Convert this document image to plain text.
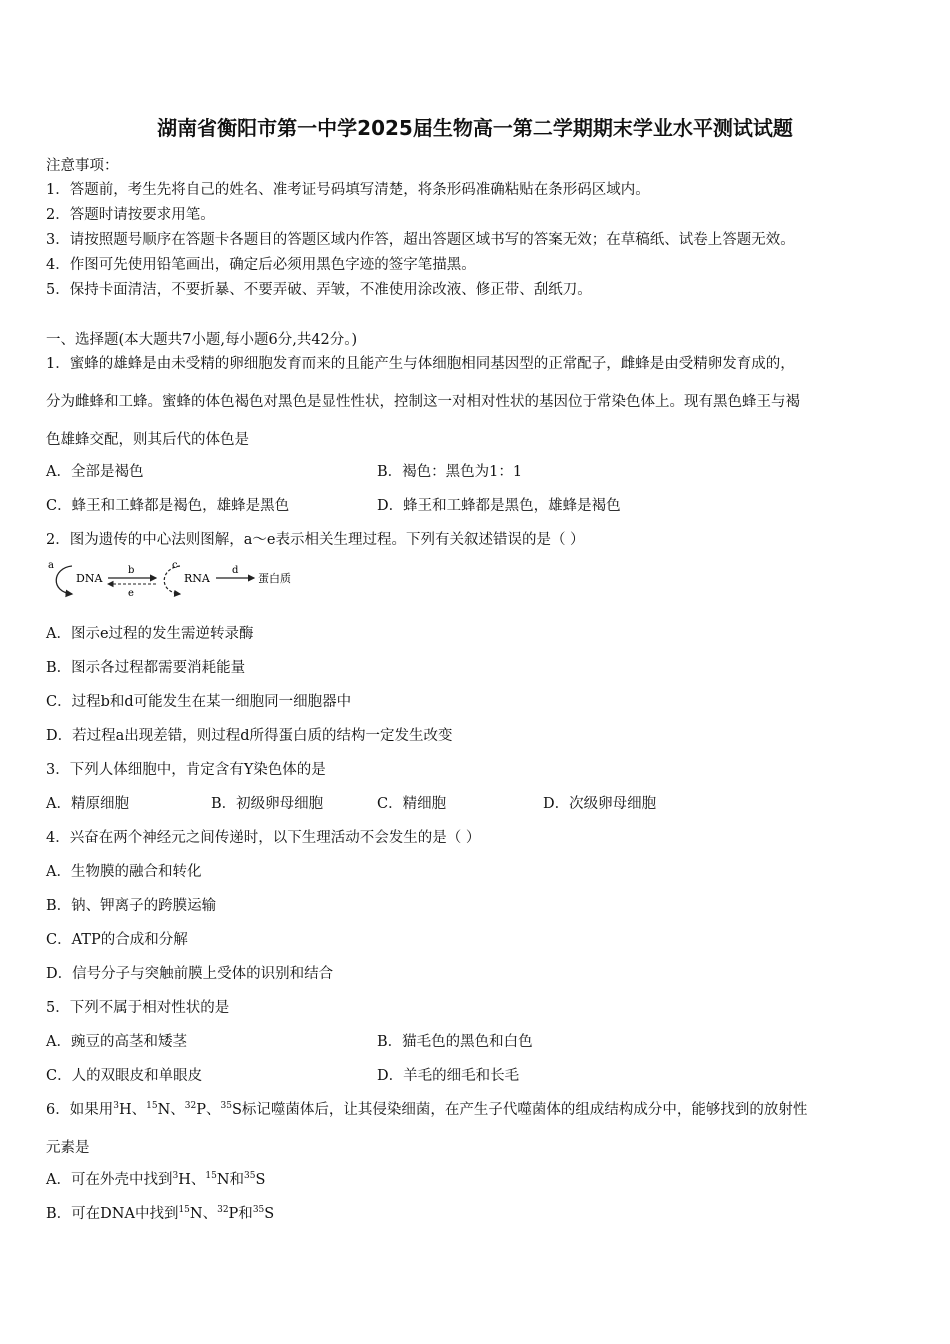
湖南省衡阳市第一中学2025届生物高一第二学期期末学业水平测试试题
注意事项：
1．答题前，考生先将自己的姓名、准考证号码填写清楚，将条形码准确粘贴在条形码区域内。
2．答题时请按要求用笔。
3．请按照题号顺序在答题卡各题目的答题区域内作答，超出答题区域书写的答案无效；在草稿纸、试卷上答题无效。
4．作图可先使用铅笔画出，确定后必须用黑色字迹的签字笔描黑。
5．保持卡面清洁，不要折暴、不要弄破、弄皱，不准使用涂改液、修正带、刮纸刀。
一、选择题(本大题共7小题,每小题6分,共42分。)
1．蜜蜂的雄蜂是由未受精的卵细胞发育而来的且能产生与体细胞相同基因型的正常配子，雌蜂是由受精卵发育成的，
分为雌蜂和工蜂。蜜蜂的体色褐色对黑色是显性性状，控制这一对相对性状的基因位于常染色体上。现有黑色蜂王与褐
色雄蜂交配，则其后代的体色是
A．全部是褐色	B．褐色：黑色为1：1
C．蜂王和工蜂都是褐色，雄蜂是黑色	D．蜂王和工蜂都是黑色，雄蜂是褐色
2．图为遗传的中心法则图解，a～e表示相关生理过程。下列有关叙述错误的是（ ）
a
DNA
b
e
c
RNA
d
蛋白质
A．图示e过程的发生需逆转录酶
B．图示各过程都需要消耗能量
C．过程b和d可能发生在某一细胞同一细胞器中
D．若过程a出现差错，则过程d所得蛋白质的结构一定发生改变
3．下列人体细胞中，肯定含有Y染色体的是
A．精原细胞	B．初级卵母细胞	C．精细胞	D．次级卵母细胞
4．兴奋在两个神经元之间传递时，以下生理活动不会发生的是（ ）
A．生物膜的融合和转化
B．钠、钾离子的跨膜运输
C．ATP的合成和分解
D．信号分子与突触前膜上受体的识别和结合
5．下列不属于相对性状的是
A．豌豆的高茎和矮茎	B．猫毛色的黑色和白色
C．人的双眼皮和单眼皮	D．羊毛的细毛和长毛
6．如果用$^3$H、$^{15}$N、$^{32}$P、$^{35}$S标记噬菌体后，让其侵染细菌，在产生子代噬菌体的组成结构成分中，能够找到的放射性
元素是
A．可在外壳中找到$^3$H、$^{15}$N和$^{35}$S
B．可在DNA中找到$^{15}$N、$^{32}$P和$^{35}$S
